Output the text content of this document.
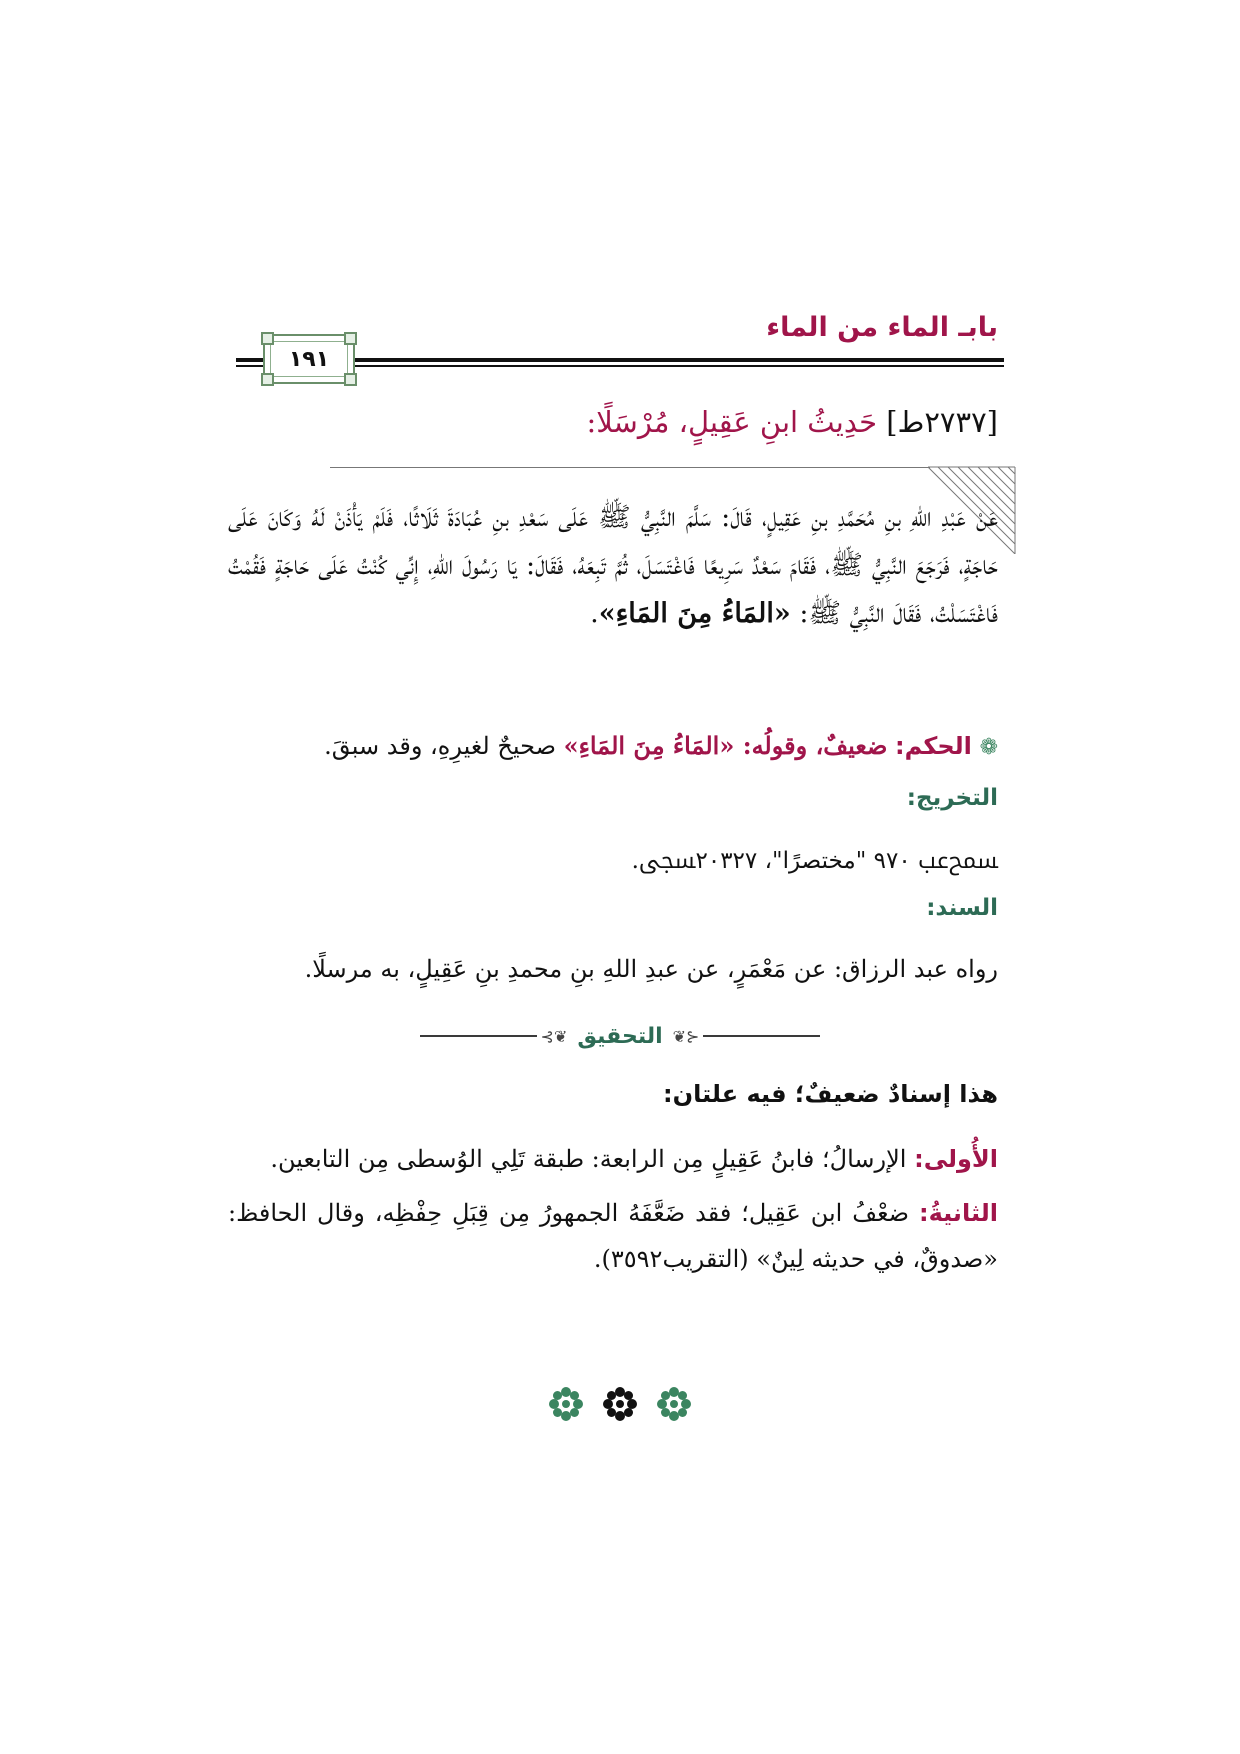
بابـ الماء من الماء
١٩١
[٢٧٣٧ط] حَدِيثُ ابنِ عَقِيلٍ، مُرْسَلًا:
عَنْ عَبْدِ اللهِ بنِ مُحَمَّدِ بنِ عَقِيلٍ، قَالَ: سَلَّمَ النَّبِيُّ ﷺ عَلَى سَعْدِ بنِ عُبَادَةَ ثَلَاثًا، فَلَمْ يَأْذَنْ لَهُ وَكَانَ عَلَى حَاجَةٍ، فَرَجَعَ النَّبِيُّ ﷺ، فَقَامَ سَعْدٌ سَرِيعًا فَاغْتَسَلَ، ثُمَّ تَبِعَهُ، فَقَالَ: يَا رَسُولَ اللهِ، إِنِّي كُنْتُ عَلَى حَاجَةٍ فَقُمْتُ فَاغْتَسَلْتُ، فَقَالَ النَّبِيُّ ﷺ: «المَاءُ مِنَ المَاءِ».
❁ الحكم: ضعيفٌ، وقولُه: «المَاءُ مِنَ المَاءِ» صحيحٌ لغيرِهِ، وقد سبقَ.
التخريج:
ﵟعب ٩٧٠ "مختصرًا"، ٢٠٣٢٧ﵞ.
السند:
رواه عبد الرزاق: عن مَعْمَرٍ، عن عبدِ اللهِ بنِ محمدِ بنِ عَقِيلٍ، به مرسلًا.
⊰❦
التحقيق
❦⊱
هذا إسنادٌ ضعيفٌ؛ فيه علتان:
الأُولى: الإرسالُ؛ فابنُ عَقِيلٍ مِن الرابعة: طبقة تَلِي الوُسطى مِن التابعين.
الثانيةُ: ضعْفُ ابن عَقِيل؛ فقد ضَعَّفَهُ الجمهورُ مِن قِبَلِ حِفْظِه، وقال الحافظ: «صدوقٌ، في حديثه لِينٌ» (التقريب٣٥٩٢).
